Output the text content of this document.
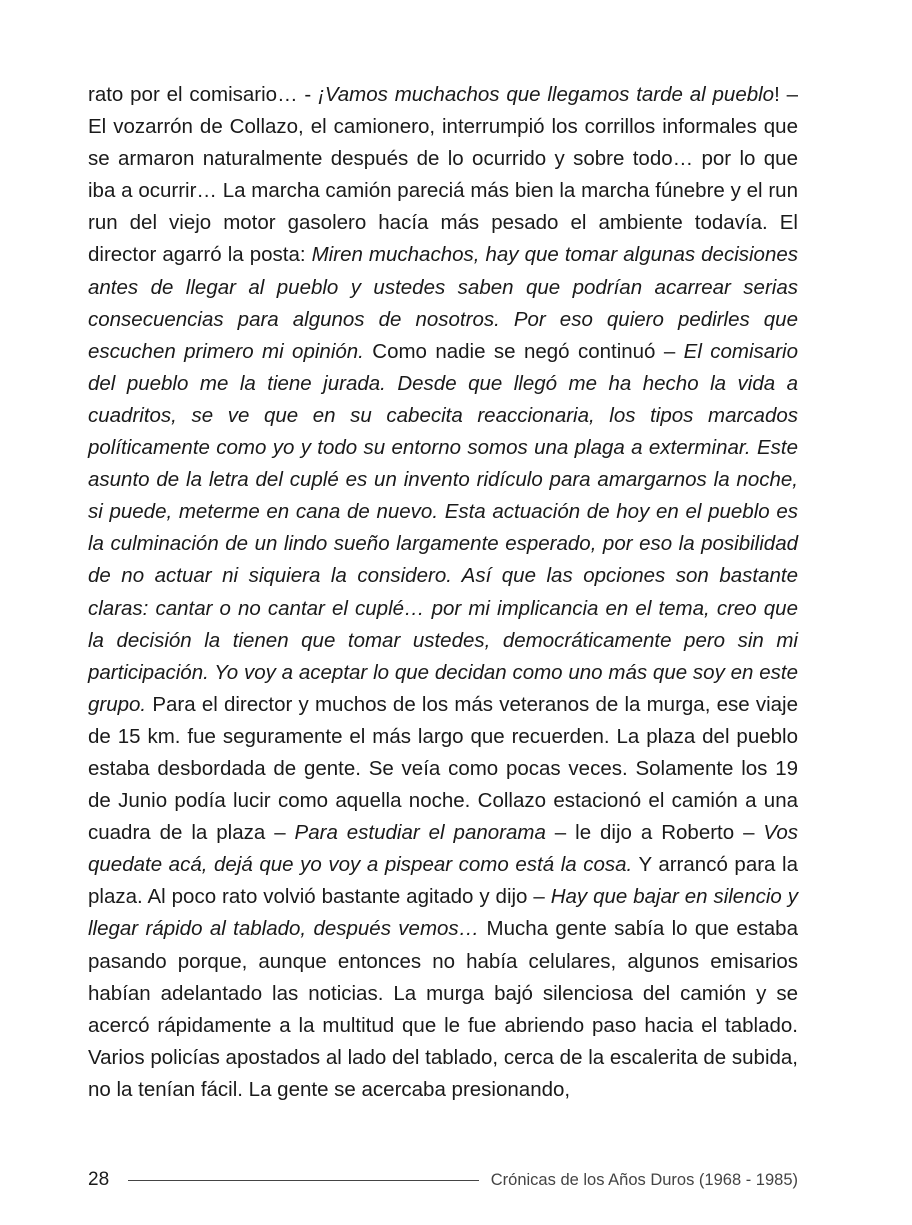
rato por el comisario… - ¡Vamos muchachos que llegamos tarde al pueblo! – El vozarrón de Collazo, el camionero, interrumpió los corrillos informales que se armaron naturalmente después de lo ocurrido y sobre todo… por lo que iba a ocurrir… La marcha camión pareciá más bien la marcha fúnebre y el run run del viejo motor gasolero hacía más pesado el ambiente todavía. El director agarró la posta: Miren muchachos, hay que tomar algunas decisiones antes de llegar al pueblo y ustedes saben que podrían acarrear serias consecuencias para algunos de nosotros. Por eso quiero pedirles que escuchen primero mi opinión. Como nadie se negó continuó – El comisario del pueblo me la tiene jurada. Desde que llegó me ha hecho la vida a cuadritos, se ve que en su cabecita reaccionaria, los tipos marcados políticamente como yo y todo su entorno somos una plaga a exterminar. Este asunto de la letra del cuplé es un invento ridículo para amargarnos la noche, si puede, meterme en cana de nuevo. Esta actuación de hoy en el pueblo es la culminación de un lindo sueño largamente esperado, por eso la posibilidad de no actuar ni siquiera la considero. Así que las opciones son bastante claras: cantar o no cantar el cuplé… por mi implicancia en el tema, creo que la decisión la tienen que tomar ustedes, democráticamente pero sin mi participación. Yo voy a aceptar lo que decidan como uno más que soy en este grupo. Para el director y muchos de los más veteranos de la murga, ese viaje de 15 km. fue seguramente el más largo que recuerden. La plaza del pueblo estaba desbordada de gente. Se veía como pocas veces. Solamente los 19 de Junio podía lucir como aquella noche. Collazo estacionó el camión a una cuadra de la plaza – Para estudiar el panorama – le dijo a Roberto – Vos quedate acá, dejá que yo voy a pispear como está la cosa. Y arrancó para la plaza. Al poco rato volvió bastante agitado y dijo – Hay que bajar en silencio y llegar rápido al tablado, después vemos… Mucha gente sabía lo que estaba pasando porque, aunque entonces no había celulares, algunos emisarios habían adelantado las noticias. La murga bajó silenciosa del camión y se acercó rápidamente a la multitud que le fue abriendo paso hacia el tablado. Varios policías apostados al lado del tablado, cerca de la escalerita de subida, no la tenían fácil. La gente se acercaba presionando,

28	Crónicas de los Años Duros (1968 - 1985)
